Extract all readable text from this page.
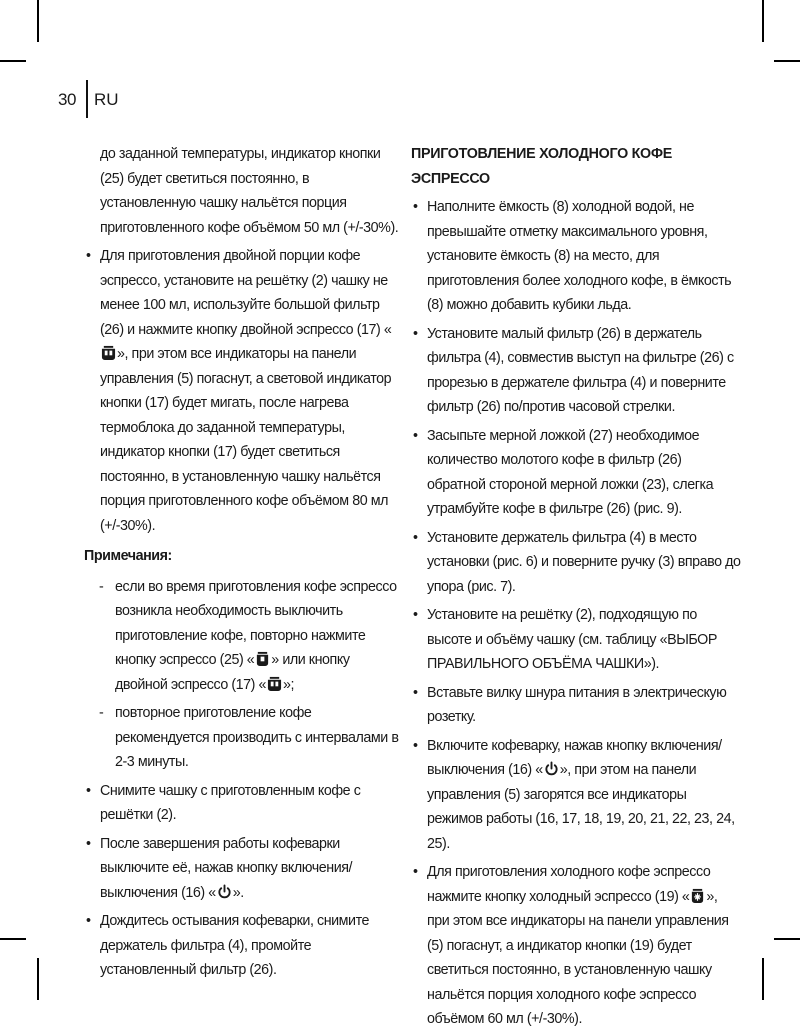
30 RU

до заданной температуры, индикатор кнопки (25) будет светиться постоянно, в установленную чашку нальётся порция приготовленного кофе объёмом 50 мл (+/-30%).

• Для приготовления двойной порции кофе эспрессо, установите на решётку (2) чашку не менее 100 мл, используйте большой фильтр (26) и нажмите кнопку двойной эспрессо (17) «», при этом все индикаторы на панели управления (5) погаснут, а световой индикатор кнопки (17) будет мигать, после нагрева термоблока до заданной температуры, индикатор кнопки (17) будет светиться постоянно, в установленную чашку нальётся порция приготовленного кофе объёмом 80 мл (+/-30%).

Примечания:

- если во время приготовления кофе эспрессо возникла необходимость выключить приготовление кофе, повторно нажмите кнопку эспрессо (25) « » или кнопку двойной эспрессо (17) « »;
- повторное приготовление кофе рекомендуется производить с интервалами в 2-3 минуты.
• Снимите чашку с приготовленным кофе с решётки (2).
• После завершения работы кофеварки выключите её, нажав кнопку включения/выключения (16) « ».
• Дождитесь остывания кофеварки, снимите держатель фильтра (4), промойте установленный фильтр (26).

ПРИГОТОВЛЕНИЕ ХОЛОДНОГО КОФЕ ЭСПРЕССО

• Наполните ёмкость (8) холодной водой, не превышайте отметку максимального уровня, установите ёмкость (8) на место, для приготовления более холодного кофе, в ёмкость (8) можно добавить кубики льда.
• Установите малый фильтр (26) в держатель фильтра (4), совместив выступ на фильтре (26) с прорезью в держателе фильтра (4) и поверните фильтр (26) по/против часовой стрелки.
• Засыпьте мерной ложкой (27) необходимое количество молотого кофе в фильтр (26) обратной стороной мерной ложки (23), слегка утрамбуйте кофе в фильтре (26) (рис. 9).
• Установите держатель фильтра (4) в место установки (рис. 6) и поверните ручку (3) вправо до упора (рис. 7).
• Установите на решётку (2), подходящую по высоте и объёму чашку (см. таблицу «ВЫБОР ПРАВИЛЬНОГО ОБЪЁМА ЧАШКИ»).
• Вставьте вилку шнура питания в электрическую розетку.
• Включите кофеварку, нажав кнопку включения/выключения (16) « », при этом на панели управления (5) загорятся все индикаторы режимов работы (16, 17, 18, 19, 20, 21, 22, 23, 24, 25).
• Для приготовления холодного кофе эспрессо нажмите кнопку холодный эспрессо (19) « », при этом все индикаторы на панели управления (5) погаснут, а индикатор кнопки (19) будет светиться постоянно, в установленную чашку нальётся порция холодного кофе эспрессо объёмом 60 мл (+/-30%).
